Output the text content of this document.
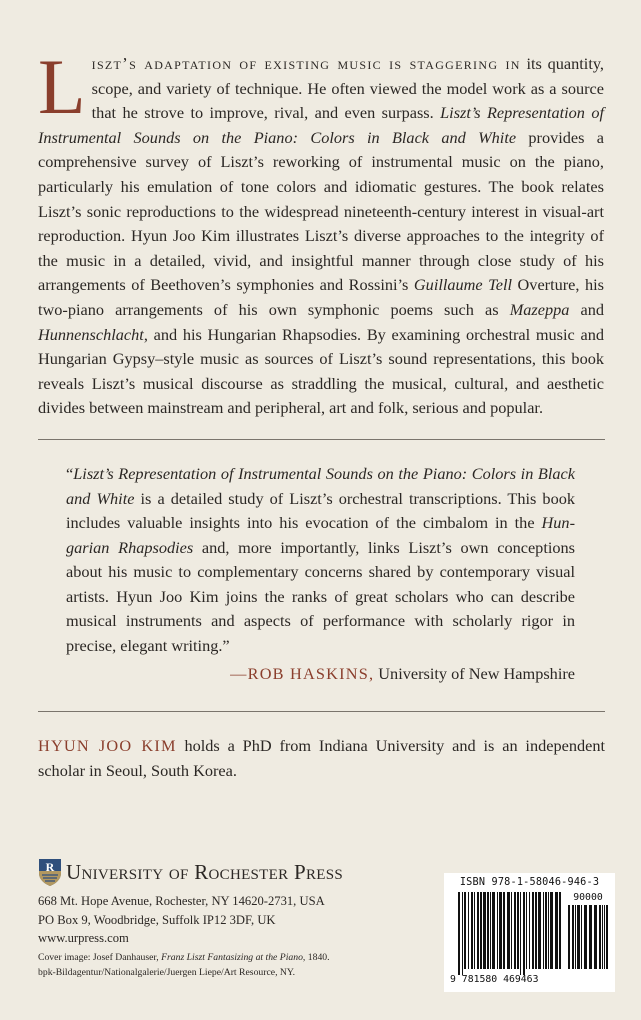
Liszt’s adaptation of existing music is staggering in its quantity, scope, and variety of technique. He often viewed the model work as a source that he strove to improve, rival, and even surpass. Liszt’s Representation of Instrumental Sounds on the Piano: Colors in Black and White provides a comprehensive survey of Liszt’s reworking of instrumental music on the piano, particularly his emulation of tone colors and idiomatic gestures. The book relates Liszt’s sonic reproductions to the widespread nineteenth-century interest in visual-art reproduction. Hyun Joo Kim illustrates Liszt’s diverse approaches to the integrity of the music in a detailed, vivid, and insightful manner through close study of his arrangements of Beethoven’s symphonies and Rossini’s Guillaume Tell Overture, his two-piano arrangements of his own symphonic poems such as Mazeppa and Hunnenschlacht, and his Hungarian Rhapsodies. By examining orchestral music and Hungarian Gypsy–style music as sources of Liszt’s sound representations, this book reveals Liszt’s musical discourse as straddling the musical, cultural, and aesthetic divides between mainstream and peripheral, art and folk, serious and popular.
“Liszt’s Representation of Instrumental Sounds on the Piano: Colors in Black and White is a detailed study of Liszt’s orchestral transcriptions. This book includes valuable insights into his evocation of the cimbalom in the Hungarian Rhapsodies and, more importantly, links Liszt’s own conceptions about his music to complementary concerns shared by contemporary visual artists. Hyun Joo Kim joins the ranks of great scholars who can describe musical instruments and aspects of performance with scholarly rigor in precise, elegant writing.”
—ROB HASKINS, University of New Hampshire
HYUN JOO KIM holds a PhD from Indiana University and is an independent scholar in Seoul, South Korea.
R University of Rochester Press
668 Mt. Hope Avenue, Rochester, NY 14620-2731, USA
PO Box 9, Woodbridge, Suffolk IP12 3DF, UK
www.urpress.com
Cover image: Josef Danhauser, Franz Liszt Fantasizing at the Piano, 1840.
bpk-Bildagentur/Nationalgalerie/Juergen Liepe/Art Resource, NY.
ISBN 978-1-58046-946-3
9 781580 469463
90000
